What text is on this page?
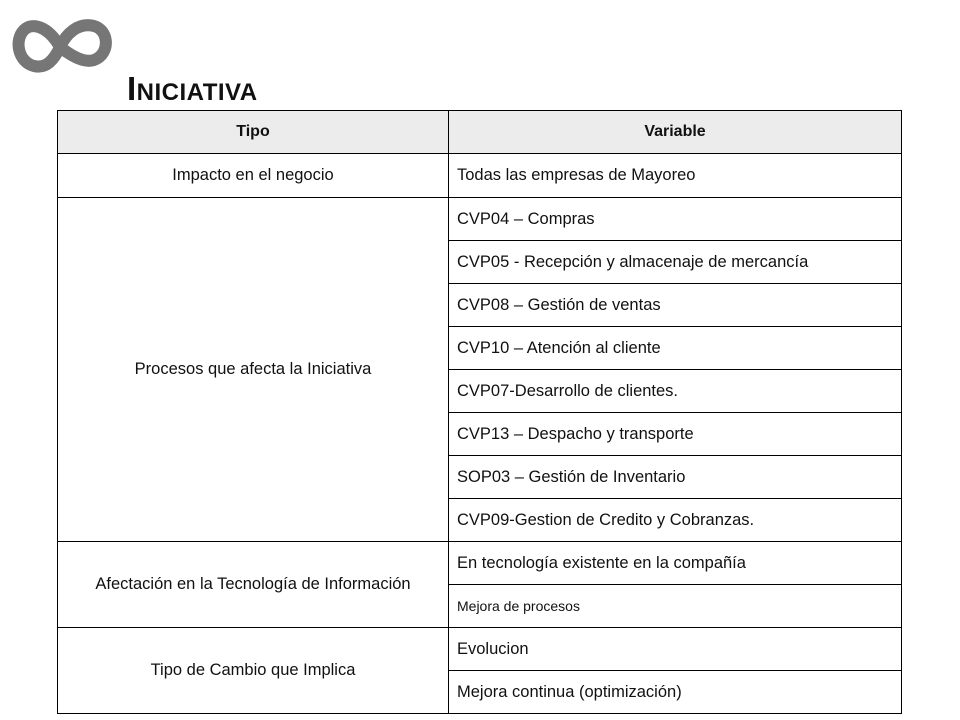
INICIATIVA
Tipo	Variable
Impacto en el negocio	Todas las empresas de Mayoreo
Procesos que afecta la Iniciativa	CVP04 – Compras
	CVP05 - Recepción y almacenaje de mercancía
	CVP08 – Gestión de ventas
	CVP10 – Atención al cliente
	CVP07-Desarrollo de clientes.
	CVP13 – Despacho y transporte
	SOP03 – Gestión de Inventario
	CVP09-Gestion de Credito y Cobranzas.
Afectación en la Tecnología de Información	En tecnología existente en la compañía
	Mejora de procesos
Tipo de Cambio que Implica	Evolucion
	Mejora continua (optimización)
